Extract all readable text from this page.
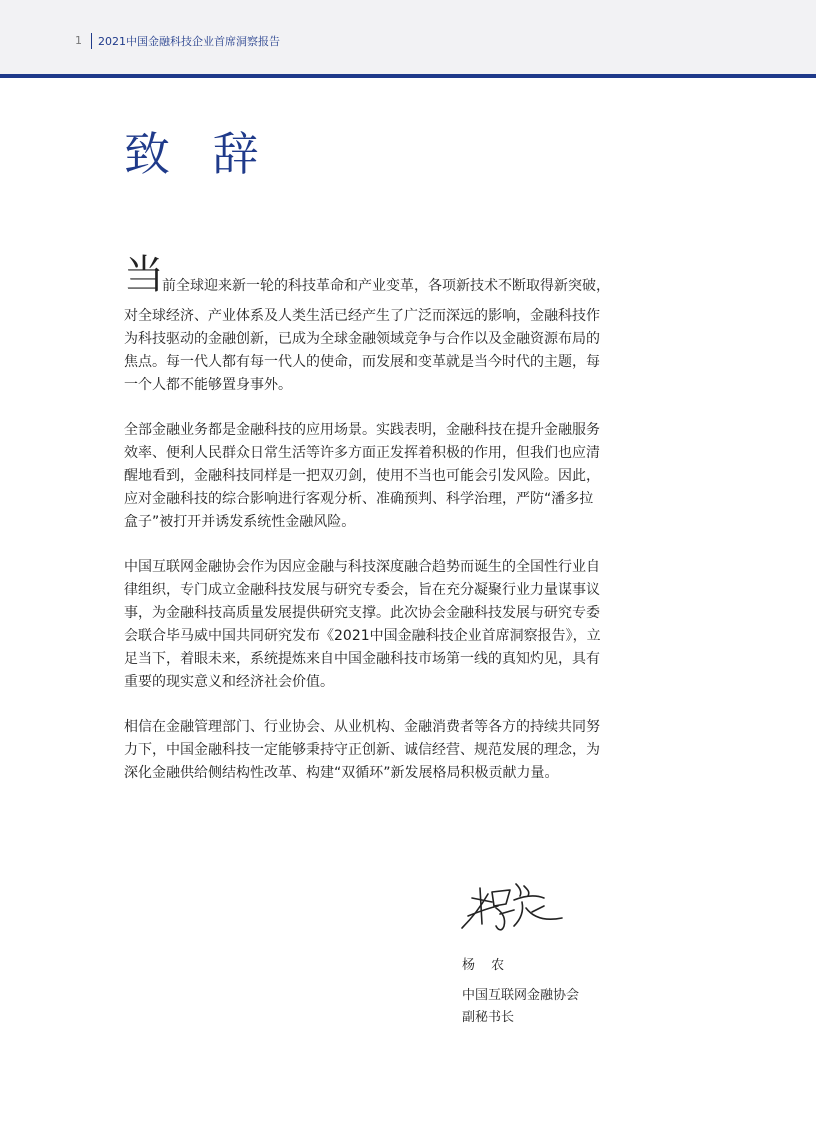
1 2021中国金融科技企业首席洞察报告
致 辞
当
前全球迎来新一轮的科技革命和产业变革，各项新技术不断取得新突破，

对全球经济、产业体系及人类生活已经产生了广泛而深远的影响，金融科技作为科技驱动的金融创新，已成为全球金融领域竞争与合作以及金融资源布局的焦点。每一代人都有每一代人的使命，而发展和变革就是当今时代的主题，每一个人都不能够置身事外。

全部金融业务都是金融科技的应用场景。实践表明，金融科技在提升金融服务效率、便利人民群众日常生活等许多方面正发挥着积极的作用，但我们也应清醒地看到，金融科技同样是一把双刃剑，使用不当也可能会引发风险。因此，应对金融科技的综合影响进行客观分析、准确预判、科学治理，严防“潘多拉盒子”被打开并诱发系统性金融风险。

中国互联网金融协会作为因应金融与科技深度融合趋势而诞生的全国性行业自律组织，专门成立金融科技发展与研究专委会，旨在充分凝聚行业力量谋事议事，为金融科技高质量发展提供研究支撑。此次协会金融科技发展与研究专委会联合毕马威中国共同研究发布《2021中国金融科技企业首席洞察报告》，立足当下，着眼未来，系统提炼来自中国金融科技市场第一线的真知灼见，具有重要的现实意义和经济社会价值。

相信在金融管理部门、行业协会、从业机构、金融消费者等各方的持续共同努力下，中国金融科技一定能够秉持守正创新、诚信经营、规范发展的理念，为深化金融供给侧结构性改革、构建“双循环”新发展格局积极贡献力量。

杨 农
中国互联网金融协会
副秘书长
